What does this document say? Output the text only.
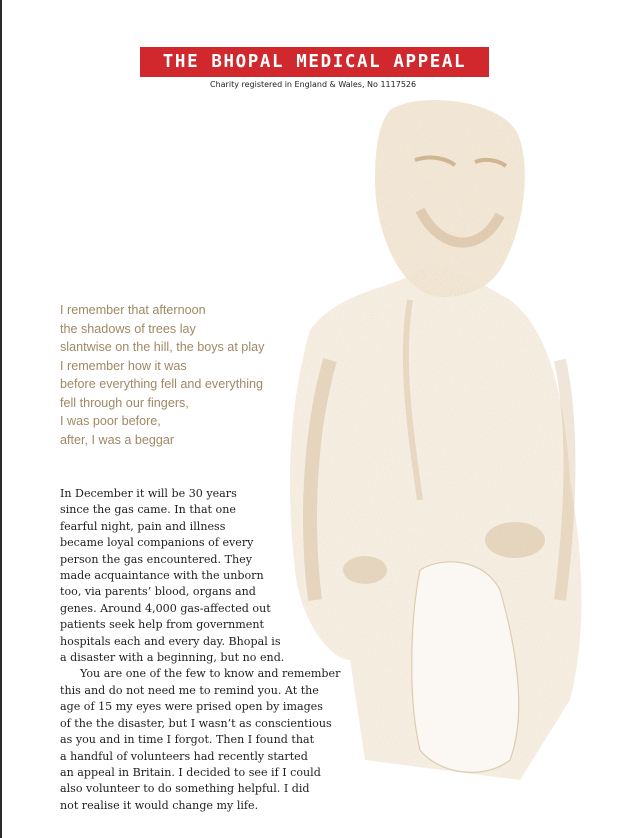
THE BHOPAL MEDICAL APPEAL
Charity registered in England & Wales, No 1117526
I remember that afternoon
the shadows of trees lay
slantwise on the hill, the boys at play
I remember how it was
before everything fell and everything
fell through our fingers,
I was poor before,
after, I was a beggar
In December it will be 30 years
since the gas came. In that one
fearful night, pain and illness
became loyal companions of every
person the gas encountered. They
made acquaintance with the unborn
too, via parents’ blood, organs and
genes. Around 4,000 gas-affected out
patients seek help from government
hospitals each and every day. Bhopal is
a disaster with a beginning, but no end.
You are one of the few to know and remember
this and do not need me to remind you. At the
age of 15 my eyes were prised open by images
of the the disaster, but I wasn’t as conscientious
as you and in time I forgot. Then I found that
a handful of volunteers had recently started
an appeal in Britain. I decided to see if I could
also volunteer to do something helpful. I did
not realise it would change my life.
